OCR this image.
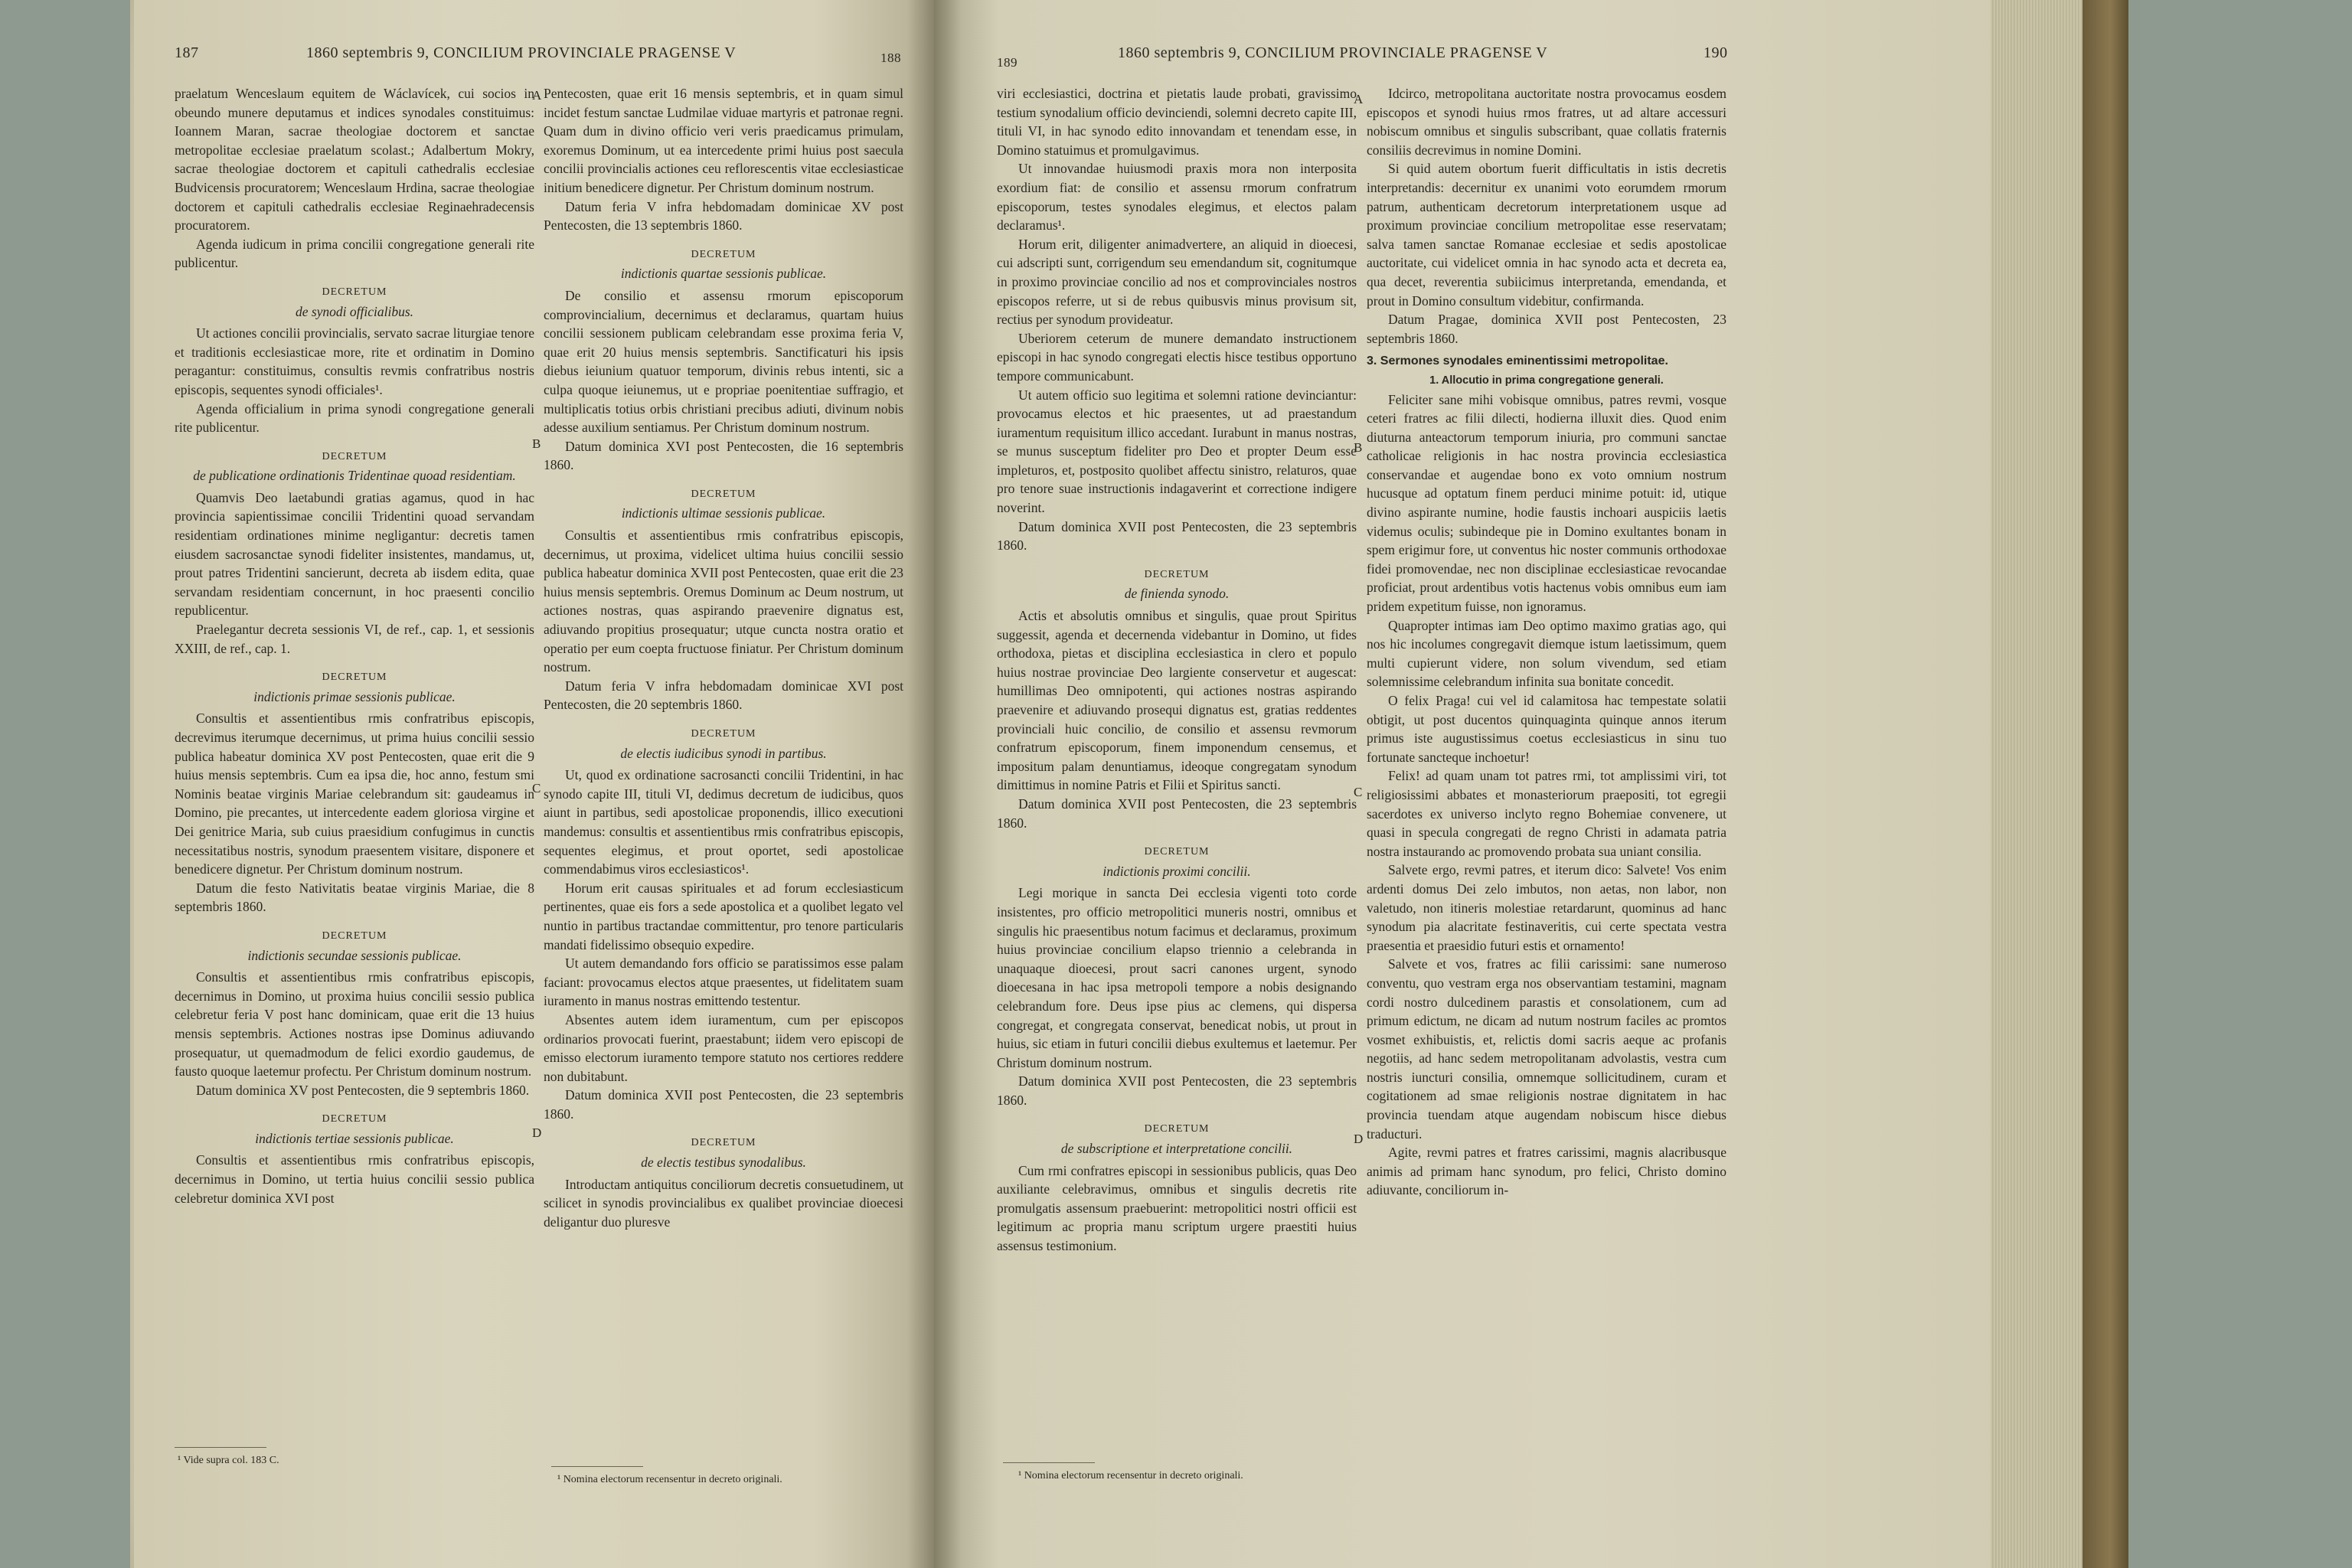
187	1860 septembris 9, CONCILIUM PROVINCIALE PRAGENSE V	188	189
1860 septembris 9, CONCILIUM PROVINCIALE PRAGENSE V	190

praelatum Wenceslaum equitem de Wáclavícek, cui socios in obeundo munere deputamus et indices synodales constituimus: Ioannem Maran, sacrae theologiae doctorem et sanctae metropolitae ecclesiae praelatum scolast.; Adalbertum Mokry, sacrae theologiae doctorem et capituli cathedralis ecclesiae Budvicensis procuratorem; Wenceslaum Hrdina, sacrae theologiae doctorem et capituli cathedralis ecclesiae Reginaehradecensis procuratorem.

Agenda iudicum in prima concilii congregatione generali rite publicentur.

DECRETUM

de synodi officialibus.

Ut actiones concilii provincialis, servato sacrae liturgiae tenore et traditionis ecclesiasticae more, rite et ordinatim in Domino peragantur: constituimus, consultis revmis confratribus nostris episcopis, sequentes synodi officiales¹.

Agenda officialium in prima synodi congregatione generali rite publicentur.

DECRETUM

de publicatione ordinationis Tridentinae quoad residentiam.

Quamvis Deo laetabundi gratias agamus, quod in hac provincia sapientissimae concilii Tridentini quoad servandam residentiam ordinationes minime negligantur: decretis tamen eiusdem sacrosanctae synodi fideliter insistentes, mandamus, ut, prout patres Tridentini sancierunt, decreta ab iisdem edita, quae servandam residentiam concernunt, in hoc praesenti concilio republicentur.

Praelegantur decreta sessionis VI, de ref., cap. 1, et sessionis XXIII, de ref., cap. 1.

DECRETUM

indictionis primae sessionis publicae.

Consultis et assentientibus rmis confratribus episcopis, decrevimus iterumque decernimus, ut prima huius concilii sessio publica habeatur dominica XV post Pentecosten, quae erit die 9 huius mensis septembris. Cum ea ipsa die, hoc anno, festum smi Nominis beatae virginis Mariae celebrandum sit: gaudeamus in Domino, pie precantes, ut intercedente eadem gloriosa virgine et Dei genitrice Maria, sub cuius praesidium confugimus in cunctis necessitatibus nostris, synodum praesentem visitare, disponere et benedicere dignetur. Per Christum dominum nostrum.

Datum die festo Nativitatis beatae virginis Mariae, die 8 septembris 1860.

DECRETUM

indictionis secundae sessionis publicae.

Consultis et assentientibus rmis confratribus episcopis, decernimus in Domino, ut proxima huius concilii sessio publica celebretur feria V post hanc dominicam, quae erit die 13 huius mensis septembris. Actiones nostras ipse Dominus adiuvando prosequatur, ut quemadmodum de felici exordio gaudemus, de fausto quoque laetemur profectu. Per Christum dominum nostrum.

Datum dominica XV post Pentecosten, die 9 septembris 1860.

DECRETUM

indictionis tertiae sessionis publicae.

Consultis et assentientibus rmis confratribus episcopis, decernimus in Domino, ut tertia huius concilii sessio publica celebretur dominica XVI post

Pentecosten, quae erit 16 mensis septembris, et in quam simul incidet festum sanctae Ludmilae viduae martyris et patronae regni. Quam dum in divino officio veri veris praedicamus primulam, exoremus Dominum, ut ea intercedente primi huius post saecula concilii provincialis actiones ceu reflorescentis vitae ecclesiasticae initium benedicere dignetur. Per Christum dominum nostrum.

Datum feria V infra hebdomadam dominicae XV post Pentecosten, die 13 septembris 1860.

DECRETUM

indictionis quartae sessionis publicae.

De consilio et assensu rmorum episcoporum comprovincialium, decernimus et declaramus, quartam huius concilii sessionem publicam celebrandam esse proxima feria V, quae erit 20 huius mensis septembris. Sanctificaturi his ipsis diebus ieiunium quatuor temporum, divinis rebus intenti, sic a culpa quoque ieiunemus, ut e propriae poenitentiae suffragio, et multiplicatis totius orbis christiani precibus adiuti, divinum nobis adesse auxilium sentiamus. Per Christum dominum nostrum.

Datum dominica XVI post Pentecosten, die 16 septembris 1860.

DECRETUM

indictionis ultimae sessionis publicae.

Consultis et assentientibus rmis confratribus episcopis, decernimus, ut proxima, videlicet ultima huius concilii sessio publica habeatur dominica XVII post Pentecosten, quae erit die 23 huius mensis septembris. Oremus Dominum ac Deum nostrum, ut actiones nostras, quas aspirando praevenire dignatus est, adiuvando propitius prosequatur; utque cuncta nostra oratio et operatio per eum coepta fructuose finiatur. Per Christum dominum nostrum.

Datum feria V infra hebdomadam dominicae XVI post Pentecosten, die 20 septembris 1860.

DECRETUM

de electis iudicibus synodi in partibus.

Ut, quod ex ordinatione sacrosancti concilii Tridentini, in hac synodo capite III, tituli VI, dedimus decretum de iudicibus, quos aiunt in partibus, sedi apostolicae proponendis, illico executioni mandemus: consultis et assentientibus rmis confratribus episcopis, sequentes elegimus, et prout oportet, sedi apostolicae commendabimus viros ecclesiasticos¹.

Horum erit causas spirituales et ad forum ecclesiasticum pertinentes, quae eis fors a sede apostolica et a quolibet legato vel nuntio in partibus tractandae committentur, pro tenore particularis mandati fidelissimo obsequio expedire.

Ut autem demandando fors officio se paratissimos esse palam faciant: provocamus electos atque praesentes, ut fidelitatem suam iuramento in manus nostras emittendo testentur.

Absentes autem idem iuramentum, cum per episcopos ordinarios provocati fuerint, praestabunt; iidem vero episcopi de emisso electorum iuramento tempore statuto nos certiores reddere non dubitabunt.

Datum dominica XVII post Pentecosten, die 23 septembris 1860.

DECRETUM

de electis testibus synodalibus.

Introductam antiquitus conciliorum decretis consuetudinem, ut scilicet in synodis provincialibus ex qualibet provinciae dioecesi deligantur duo pluresve

viri ecclesiastici, doctrina et pietatis laude probati, gravissimo testium synodalium officio devinciendi, solemni decreto capite III, tituli VI, in hac synodo edito innovandam et tenendam esse, in Domino statuimus et promulgavimus.

Ut innovandae huiusmodi praxis mora non interposita exordium fiat: de consilio et assensu rmorum confratrum episcoporum, testes synodales elegimus, et electos palam declaramus¹.

Horum erit, diligenter animadvertere, an aliquid in dioecesi, cui adscripti sunt, corrigendum seu emendandum sit, cognitumque in proximo provinciae concilio ad nos et comprovinciales nostros episcopos referre, ut si de rebus quibusvis minus provisum sit, rectius per synodum provideatur.

Uberiorem ceterum de munere demandato instructionem episcopi in hac synodo congregati electis hisce testibus opportuno tempore communicabunt.

Ut autem officio suo legitima et solemni ratione devinciantur: provocamus electos et hic praesentes, ut ad praestandum iuramentum requisitum illico accedant. Iurabunt in manus nostras, se munus susceptum fideliter pro Deo et propter Deum esse impleturos, et, postposito quolibet affectu sinistro, relaturos, quae pro tenore suae instructionis indagaverint et correctione indigere noverint.

Datum dominica XVII post Pentecosten, die 23 septembris 1860.

DECRETUM

de finienda synodo.

Actis et absolutis omnibus et singulis, quae prout Spiritus suggessit, agenda et decernenda videbantur in Domino, ut fides orthodoxa, pietas et disciplina ecclesiastica in clero et populo huius nostrae provinciae Deo largiente conservetur et augescat: humillimas Deo omnipotenti, qui actiones nostras aspirando praevenire et adiuvando prosequi dignatus est, gratias reddentes provinciali huic concilio, de consilio et assensu revmorum confratrum episcoporum, finem imponendum censemus, et impositum palam denuntiamus, ideoque congregatam synodum dimittimus in nomine Patris et Filii et Spiritus sancti.

Datum dominica XVII post Pentecosten, die 23 septembris 1860.

DECRETUM

indictionis proximi concilii.

Legi morique in sancta Dei ecclesia vigenti toto corde insistentes, pro officio metropolitici muneris nostri, omnibus et singulis hic praesentibus notum facimus et declaramus, proximum huius provinciae concilium elapso triennio a celebranda in unaquaque dioecesi, prout sacri canones urgent, synodo dioecesana in hac ipsa metropoli tempore a nobis designando celebrandum fore. Deus ipse pius ac clemens, qui dispersa congregat, et congregata conservat, benedicat nobis, ut prout in huius, sic etiam in futuri concilii diebus exultemus et laetemur. Per Christum dominum nostrum.

Datum dominica XVII post Pentecosten, die 23 septembris 1860.

DECRETUM

de subscriptione et interpretatione concilii.

Cum rmi confratres episcopi in sessionibus publicis, quas Deo auxiliante celebravimus, omnibus et singulis decretis rite promulgatis assensum praebuerint: metropolitici nostri officii est legitimum ac propria manu scriptum urgere praestiti huius assensus testimonium.

Idcirco, metropolitana auctoritate nostra provocamus eosdem episcopos et synodi huius rmos fratres, ut ad altare accessuri nobiscum omnibus et singulis subscribant, quae collatis fraternis consiliis decrevimus in nomine Domini.

Si quid autem obortum fuerit difficultatis in istis decretis interpretandis: decernitur ex unanimi voto eorumdem rmorum patrum, authenticam decretorum interpretationem usque ad proximum provinciae concilium metropolitae esse reservatam; salva tamen sanctae Romanae ecclesiae et sedis apostolicae auctoritate, cui videlicet omnia in hac synodo acta et decreta ea, qua decet, reverentia subiicimus interpretanda, emendanda, et prout in Domino consultum videbitur, confirmanda.

Datum Pragae, dominica XVII post Pentecosten, 23 septembris 1860.

3. Sermones synodales eminentissimi metropolitae.

1. Allocutio in prima congregatione generali.

Feliciter sane mihi vobisque omnibus, patres revmi, vosque ceteri fratres ac filii dilecti, hodierna illuxit dies. Quod enim diuturna anteactorum temporum iniuria, pro communi sanctae catholicae religionis in hac nostra provincia ecclesiastica conservandae et augendae bono ex voto omnium nostrum hucusque ad optatum finem perduci minime potuit: id, utique divino aspirante numine, hodie faustis inchoari auspiciis laetis videmus oculis; subindeque pie in Domino exultantes bonam in spem erigimur fore, ut conventus hic noster communis orthodoxae fidei promovendae, nec non disciplinae ecclesiasticae revocandae proficiat, prout ardentibus votis hactenus vobis omnibus eum iam pridem expetitum fuisse, non ignoramus.

Quapropter intimas iam Deo optimo maximo gratias ago, qui nos hic incolumes congregavit diemque istum laetissimum, quem multi cupierunt videre, non solum vivendum, sed etiam solemnissime celebrandum infinita sua bonitate concedit.

O felix Praga! cui vel id calamitosa hac tempestate solatii obtigit, ut post ducentos quinquaginta quinque annos iterum primus iste augustissimus coetus ecclesiasticus in sinu tuo fortunate sancteque inchoetur!

Felix! ad quam unam tot patres rmi, tot amplissimi viri, tot religiosissimi abbates et monasteriorum praepositi, tot egregii sacerdotes ex universo inclyto regno Bohemiae convenere, ut quasi in specula congregati de regno Christi in adamata patria nostra instaurando ac promovendo probata sua uniant consilia.

Salvete ergo, revmi patres, et iterum dico: Salvete! Vos enim ardenti domus Dei zelo imbutos, non aetas, non labor, non valetudo, non itineris molestiae retardarunt, quominus ad hanc synodum pia alacritate festinaveritis, cui certe spectata vestra praesentia et praesidio futuri estis et ornamento!

Salvete et vos, fratres ac filii carissimi: sane numeroso conventu, quo vestram erga nos observantiam testamini, magnam cordi nostro dulcedinem parastis et consolationem, cum ad primum edictum, ne dicam ad nutum nostrum faciles ac promtos vosmet exhibuistis, et, relictis domi sacris aeque ac profanis negotiis, ad hanc sedem metropolitanam advolastis, vestra cum nostris iuncturi consilia, omnemque sollicitudinem, curam et cogitationem ad smae religionis nostrae dignitatem in hac provincia tuendam atque augendam nobiscum hisce diebus traducturi.

Agite, revmi patres et fratres carissimi, magnis alacribusque animis ad primam hanc synodum, pro felici, Christo domino adiuvante, conciliorum in-

A
B
C
D
A
B
C
D
¹ Vide supra col. 183 C.
¹ Nomina electorum recensentur in decreto originali.	¹ Nomina electorum recensentur in decreto originali.
